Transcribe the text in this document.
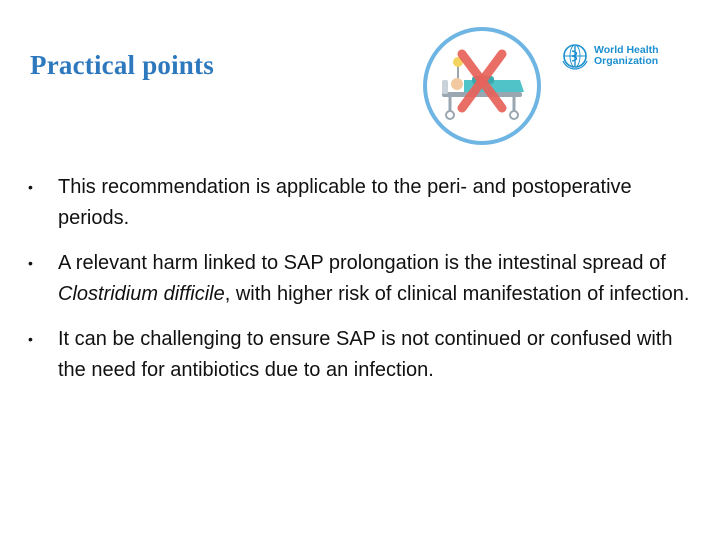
Practical points	World Health
Organization
• This recommendation is applicable to the peri- and postoperative periods.
• A relevant harm linked to SAP prolongation is the intestinal spread of Clostridium difficile, with higher risk of clinical manifestation of infection.
• It can be challenging to ensure SAP is not continued or confused with the need for antibiotics due to an infection.
